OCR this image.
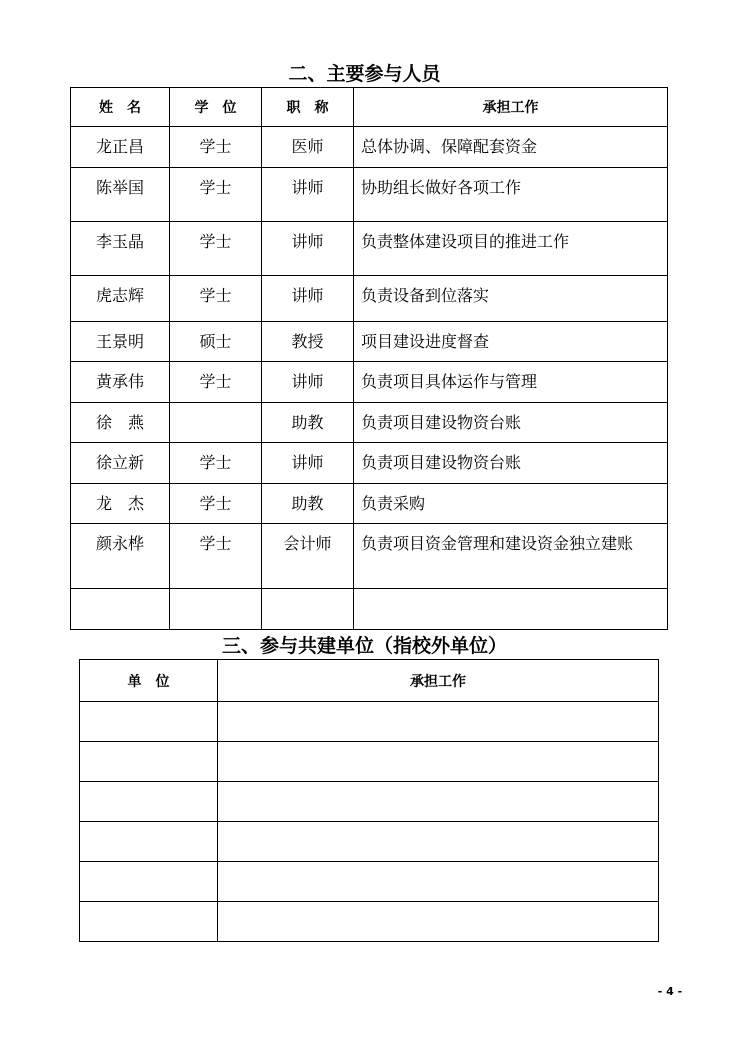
二、主要参与人员
姓　名	学　位	职　称	承担工作
龙正昌	学士	医师	总体协调、保障配套资金
陈举国	学士	讲师	协助组长做好各项工作
李玉晶	学士	讲师	负责整体建设项目的推进工作
虎志辉	学士	讲师	负责设备到位落实
王景明	硕士	教授	项目建设进度督查
黄承伟	学士	讲师	负责项目具体运作与管理
徐　燕		助教	负责项目建设物资台账
徐立新	学士	讲师	负责项目建设物资台账
龙　杰	学士	助教	负责采购
颜永桦	学士	会计师	负责项目资金管理和建设资金独立建账

三、参与共建单位（指校外单位）
单　位	承担工作

- 4 -
